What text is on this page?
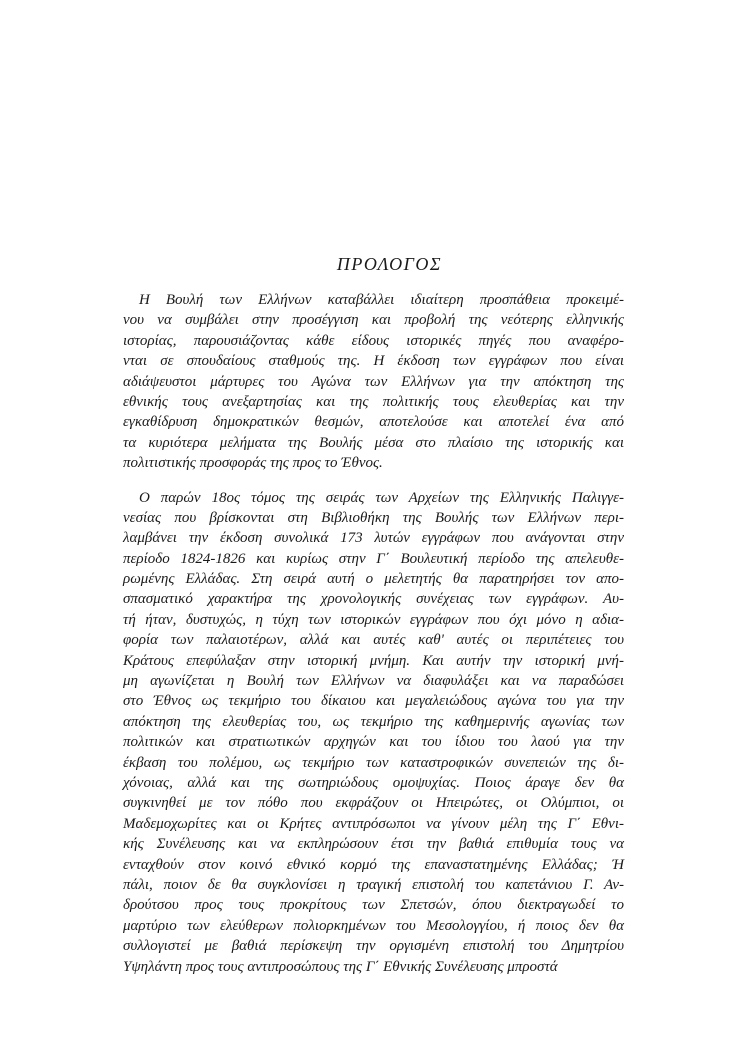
ΠΡΟΛΟΓΟΣ
Η Βουλή των Ελλήνων καταβάλλει ιδιαίτερη προσπάθεια προκειμέ-
νου να συμβάλει στην προσέγγιση και προβολή της νεότερης ελληνικής
ιστορίας, παρουσιάζοντας κάθε είδους ιστορικές πηγές που αναφέρο-
νται σε σπουδαίους σταθμούς της. Η έκδοση των εγγράφων που είναι
αδιάψευστοι μάρτυρες του Αγώνα των Ελλήνων για την απόκτηση της
εθνικής τους ανεξαρτησίας και της πολιτικής τους ελευθερίας και την
εγκαθίδρυση δημοκρατικών θεσμών, αποτελούσε και αποτελεί ένα από
τα κυριότερα μελήματα της Βουλής μέσα στο πλαίσιο της ιστορικής και
πολιτιστικής προσφοράς της προς το Έθνος.
Ο παρών 18ος τόμος της σειράς των Αρχείων της Ελληνικής Παλιγγε-
νεσίας που βρίσκονται στη Βιβλιοθήκη της Βουλής των Ελλήνων περι-
λαμβάνει την έκδοση συνολικά 173 λυτών εγγράφων που ανάγονται στην
περίοδο 1824-1826 και κυρίως στην Γ΄ Βουλευτική περίοδο της απελευθε-
ρωμένης Ελλάδας. Στη σειρά αυτή ο μελετητής θα παρατηρήσει τον απο-
σπασματικό χαρακτήρα της χρονολογικής συνέχειας των εγγράφων. Αυ-
τή ήταν, δυστυχώς, η τύχη των ιστορικών εγγράφων που όχι μόνο η αδια-
φορία των παλαιοτέρων, αλλά και αυτές καθ' αυτές οι περιπέτειες του
Κράτους επεφύλαξαν στην ιστορική μνήμη. Και αυτήν την ιστορική μνή-
μη αγωνίζεται η Βουλή των Ελλήνων να διαφυλάξει και να παραδώσει
στο Έθνος ως τεκμήριο του δίκαιου και μεγαλειώδους αγώνα του για την
απόκτηση της ελευθερίας του, ως τεκμήριο της καθημερινής αγωνίας των
πολιτικών και στρατιωτικών αρχηγών και του ίδιου του λαού για την
έκβαση του πολέμου, ως τεκμήριο των καταστροφικών συνεπειών της δι-
χόνοιας, αλλά και της σωτηριώδους ομοψυχίας. Ποιος άραγε δεν θα
συγκινηθεί με τον πόθο που εκφράζουν οι Ηπειρώτες, οι Ολύμπιοι, οι
Μαδεμοχωρίτες και οι Κρήτες αντιπρόσωποι να γίνουν μέλη της Γ΄ Εθνι-
κής Συνέλευσης και να εκπληρώσουν έτσι την βαθιά επιθυμία τους να
ενταχθούν στον κοινό εθνικό κορμό της επαναστατημένης Ελλάδας; Ή
πάλι, ποιον δε θα συγκλονίσει η τραγική επιστολή του καπετάνιου Γ. Αν-
δρούτσου προς τους προκρίτους των Σπετσών, όπου διεκτραγωδεί το
μαρτύριο των ελεύθερων πολιορκημένων του Μεσολογγίου, ή ποιος δεν θα
συλλογιστεί με βαθιά περίσκεψη την οργισμένη επιστολή του Δημητρίου
Υψηλάντη προς τους αντιπροσώπους της Γ΄ Εθνικής Συνέλευσης μπροστά
